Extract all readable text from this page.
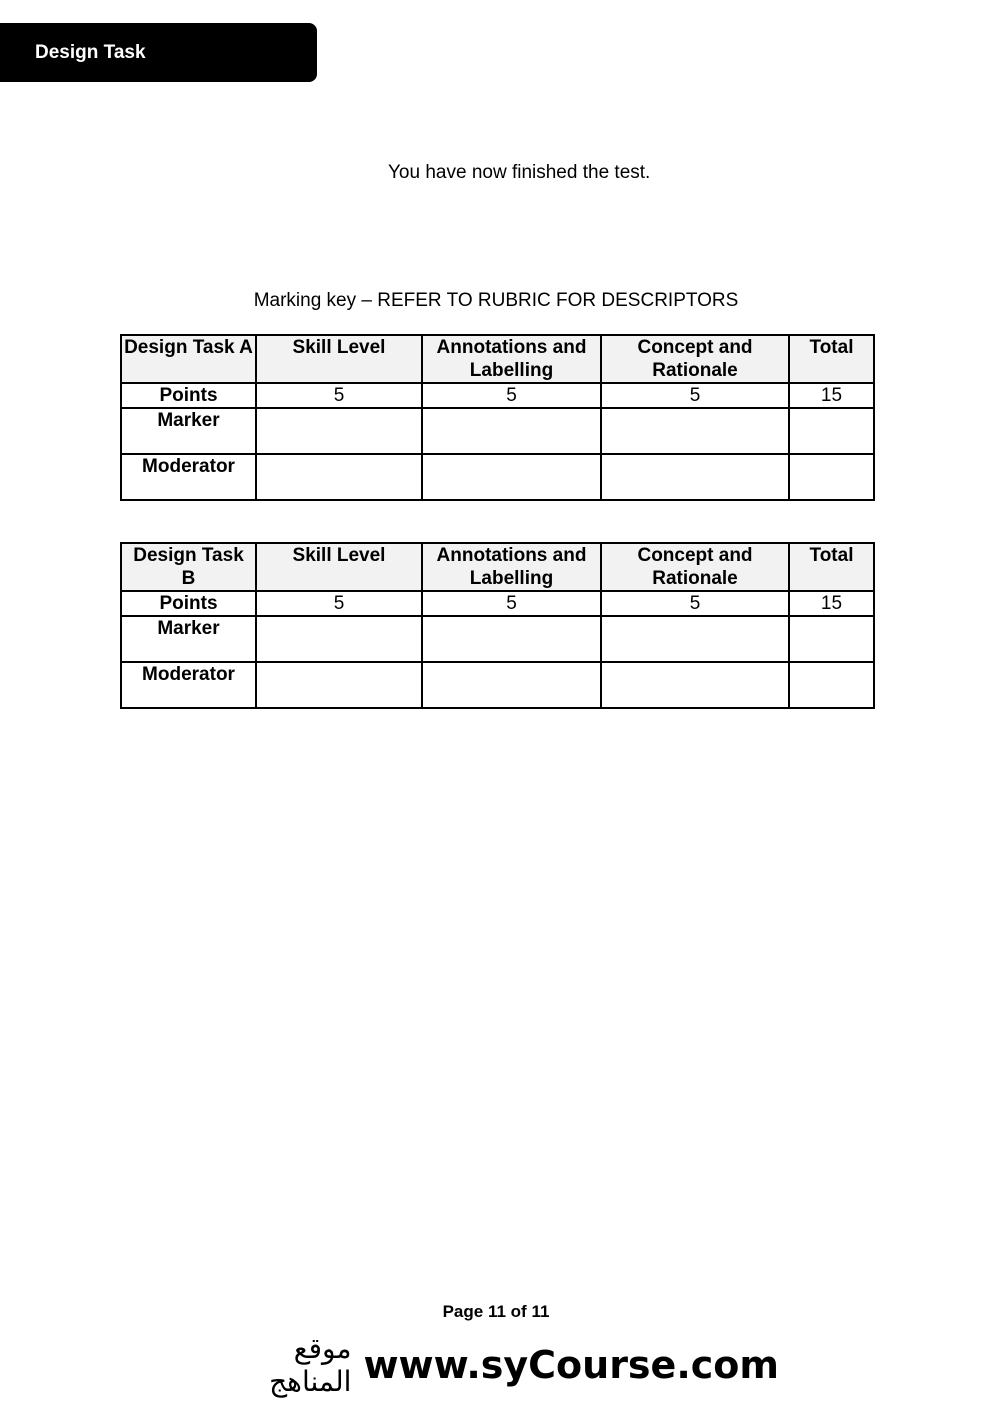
Design Task
You have now finished the test.
Marking key – REFER TO RUBRIC FOR DESCRIPTORS
Design Task A	Skill Level	Annotations and Labelling	Concept and Rationale	Total
Points	5	5	5	15
Marker				
Moderator				
Design Task B	Skill Level	Annotations and Labelling	Concept and Rationale	Total
Points	5	5	5	15
Marker				
Moderator				
Page 11 of 11
موقع المناهج www.syCourse.com
